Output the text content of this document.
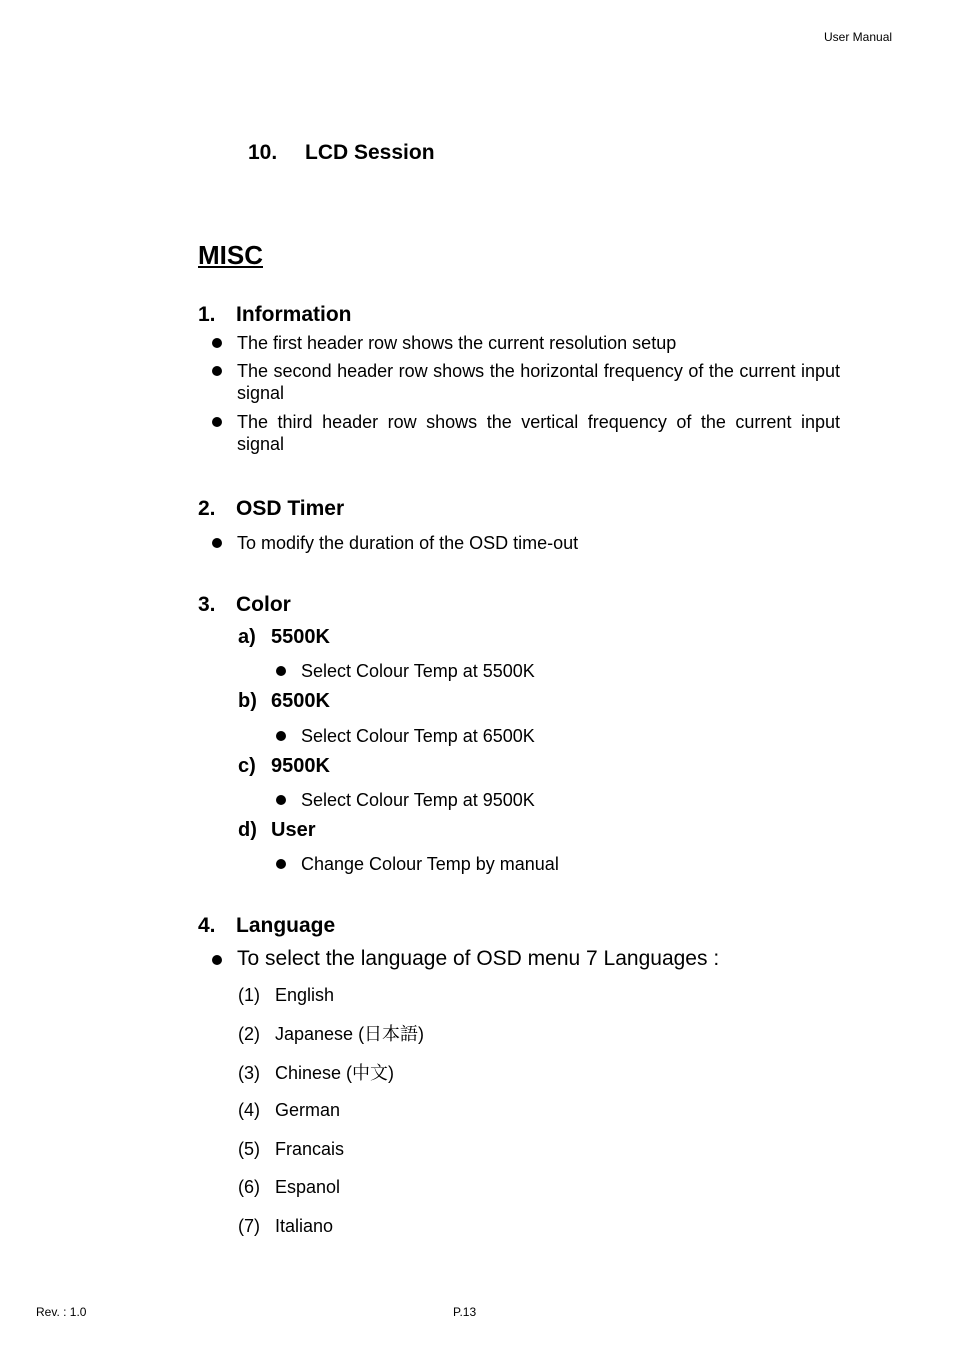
User Manual
10. LCD Session
MISC
1. Information
The first header row shows the current resolution setup
The second header row shows the horizontal frequency of the current input signal
The third header row shows the vertical frequency of the current input signal
2. OSD Timer
To modify the duration of the OSD time-out
3. Color
a) 5500K
Select Colour Temp at 5500K
b) 6500K
Select Colour Temp at 6500K
c) 9500K
Select Colour Temp at 9500K
d) User
Change Colour Temp by manual
4. Language
To select the language of OSD menu 7 Languages :
(1) English
(2) Japanese (日本語)
(3) Chinese (中文)
(4) German
(5) Francais
(6) Espanol
(7) Italiano
Rev. : 1.0	P.13
